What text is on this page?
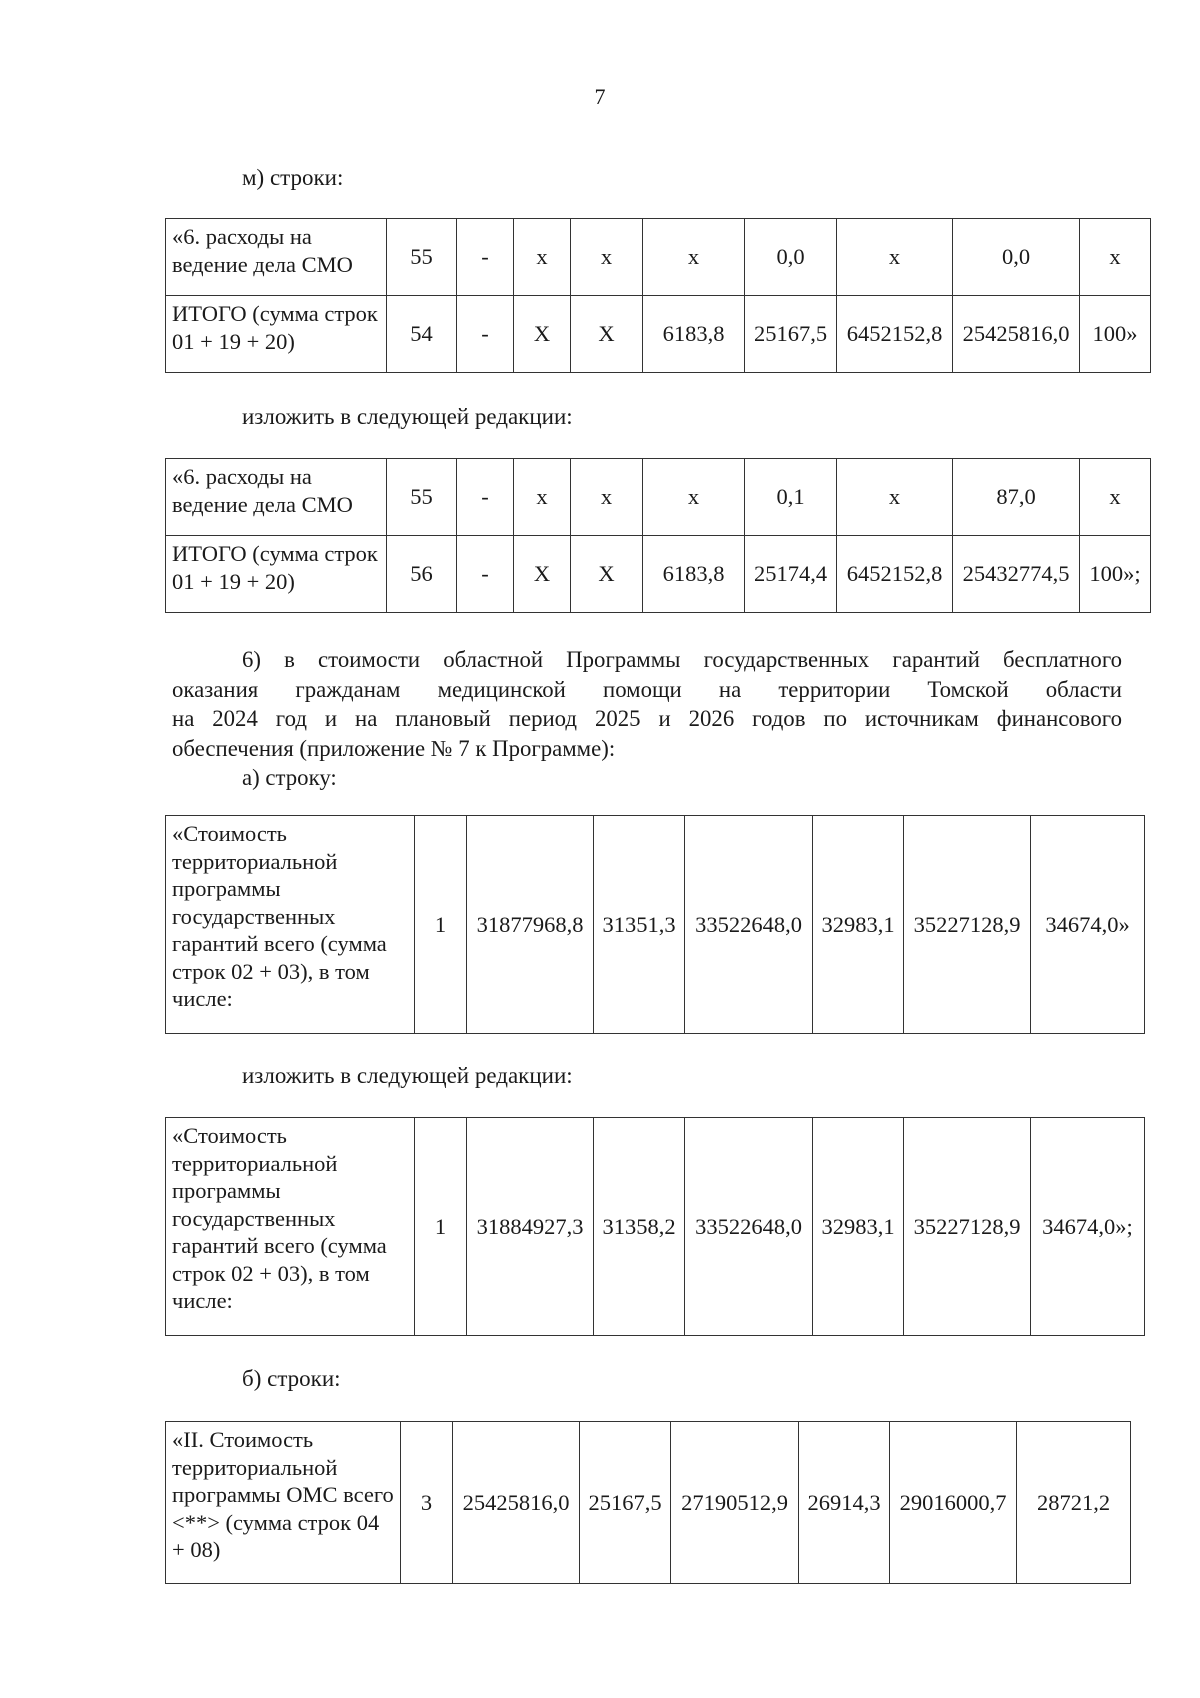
7
м) строки:
«6. расходы на ведение дела СМО	55	-	х	х	х	0,0	х	0,0	х
ИТОГО (сумма строк 01 + 19 + 20)	54	-	Х	Х	6183,8	25167,5	6452152,8	25425816,0	100»
изложить в следующей редакции:
«6. расходы на ведение дела СМО	55	-	х	х	х	0,1	х	87,0	х
ИТОГО (сумма строк 01 + 19 + 20)	56	-	Х	Х	6183,8	25174,4	6452152,8	25432774,5	100»;
6) в стоимости областной Программы государственных гарантий бесплатного
оказания гражданам медицинской помощи на территории Томской области
на 2024 год и на плановый период 2025 и 2026 годов по источникам финансового
обеспечения (приложение № 7 к Программе):
а) строку:
«Стоимость территориальной программы государственных гарантий всего (сумма строк 02 + 03), в том числе:	1	31877968,8	31351,3	33522648,0	32983,1	35227128,9	34674,0»
изложить в следующей редакции:
«Стоимость территориальной программы государственных гарантий всего (сумма строк 02 + 03), в том числе:	1	31884927,3	31358,2	33522648,0	32983,1	35227128,9	34674,0»;
б) строки:
«II. Стоимость территориальной программы ОМС всего <**> (сумма строк 04 + 08)	3	25425816,0	25167,5	27190512,9	26914,3	29016000,7	28721,2
